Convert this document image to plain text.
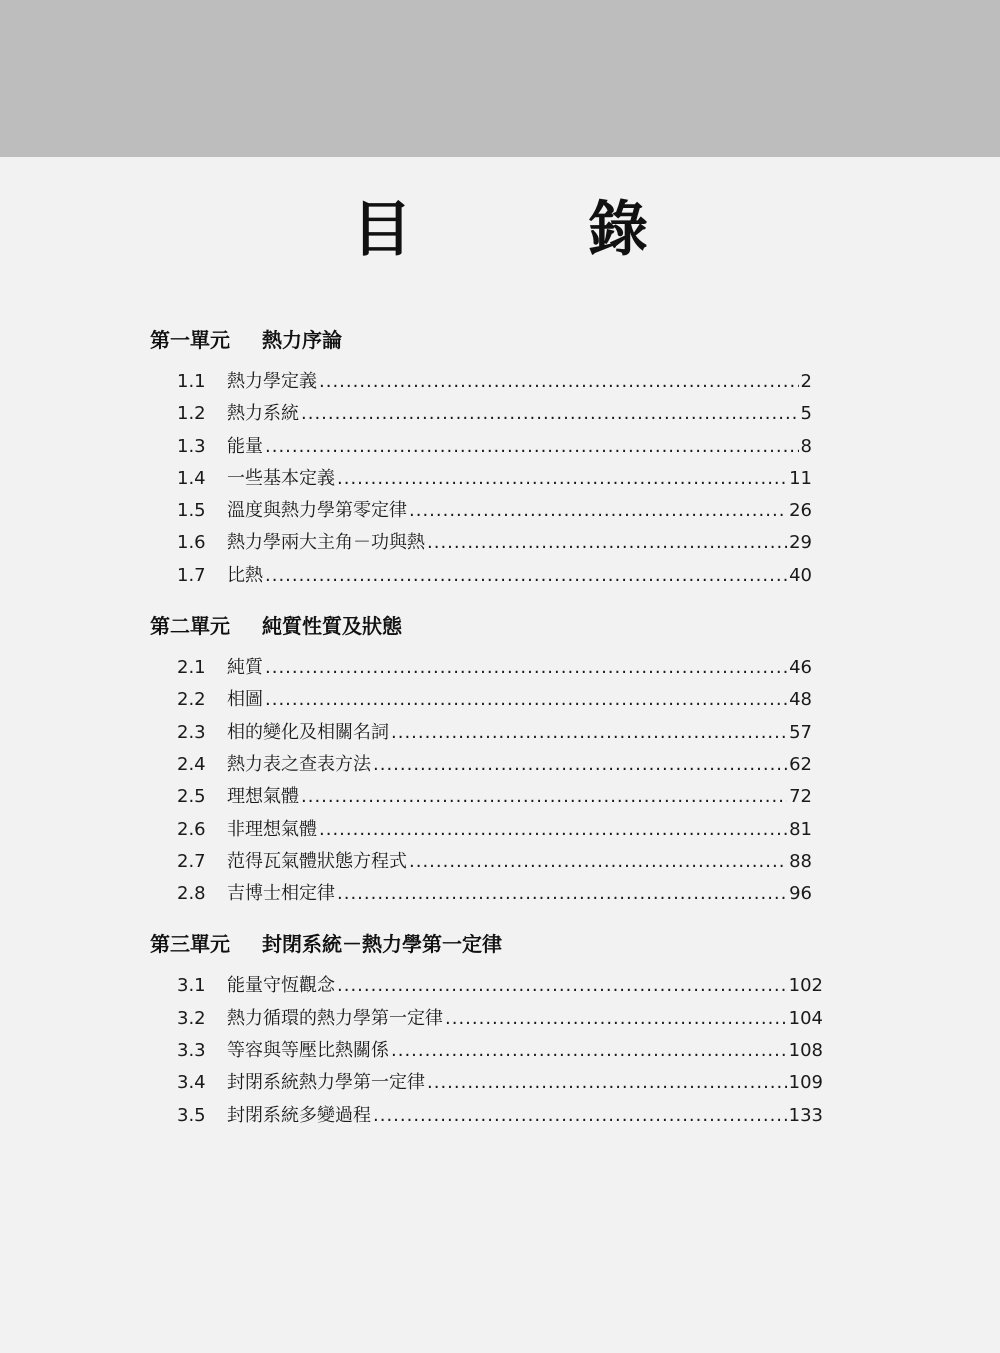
目　錄
第一單元 熱力序論
1.1	熱力學定義 .....	2
1.2	熱力系統 .....	5
1.3	能量 .....	8
1.4	一些基本定義 .....	11
1.5	溫度與熱力學第零定律 .....	26
1.6	熱力學兩大主角－功與熱 .....	29
1.7	比熱 .....	40
第二單元 純質性質及狀態
2.1	純質 .....	46
2.2	相圖 .....	48
2.3	相的變化及相關名詞 .....	57
2.4	熱力表之查表方法 .....	62
2.5	理想氣體 .....	72
2.6	非理想氣體 .....	81
2.7	范得瓦氣體狀態方程式 .....	88
2.8	吉博士相定律 .....	96
第三單元 封閉系統－熱力學第一定律
3.1	能量守恆觀念 .....	102
3.2	熱力循環的熱力學第一定律 .....	104
3.3	等容與等壓比熱關係 .....	108
3.4	封閉系統熱力學第一定律 .....	109
3.5	封閉系統多變過程 .....	133
